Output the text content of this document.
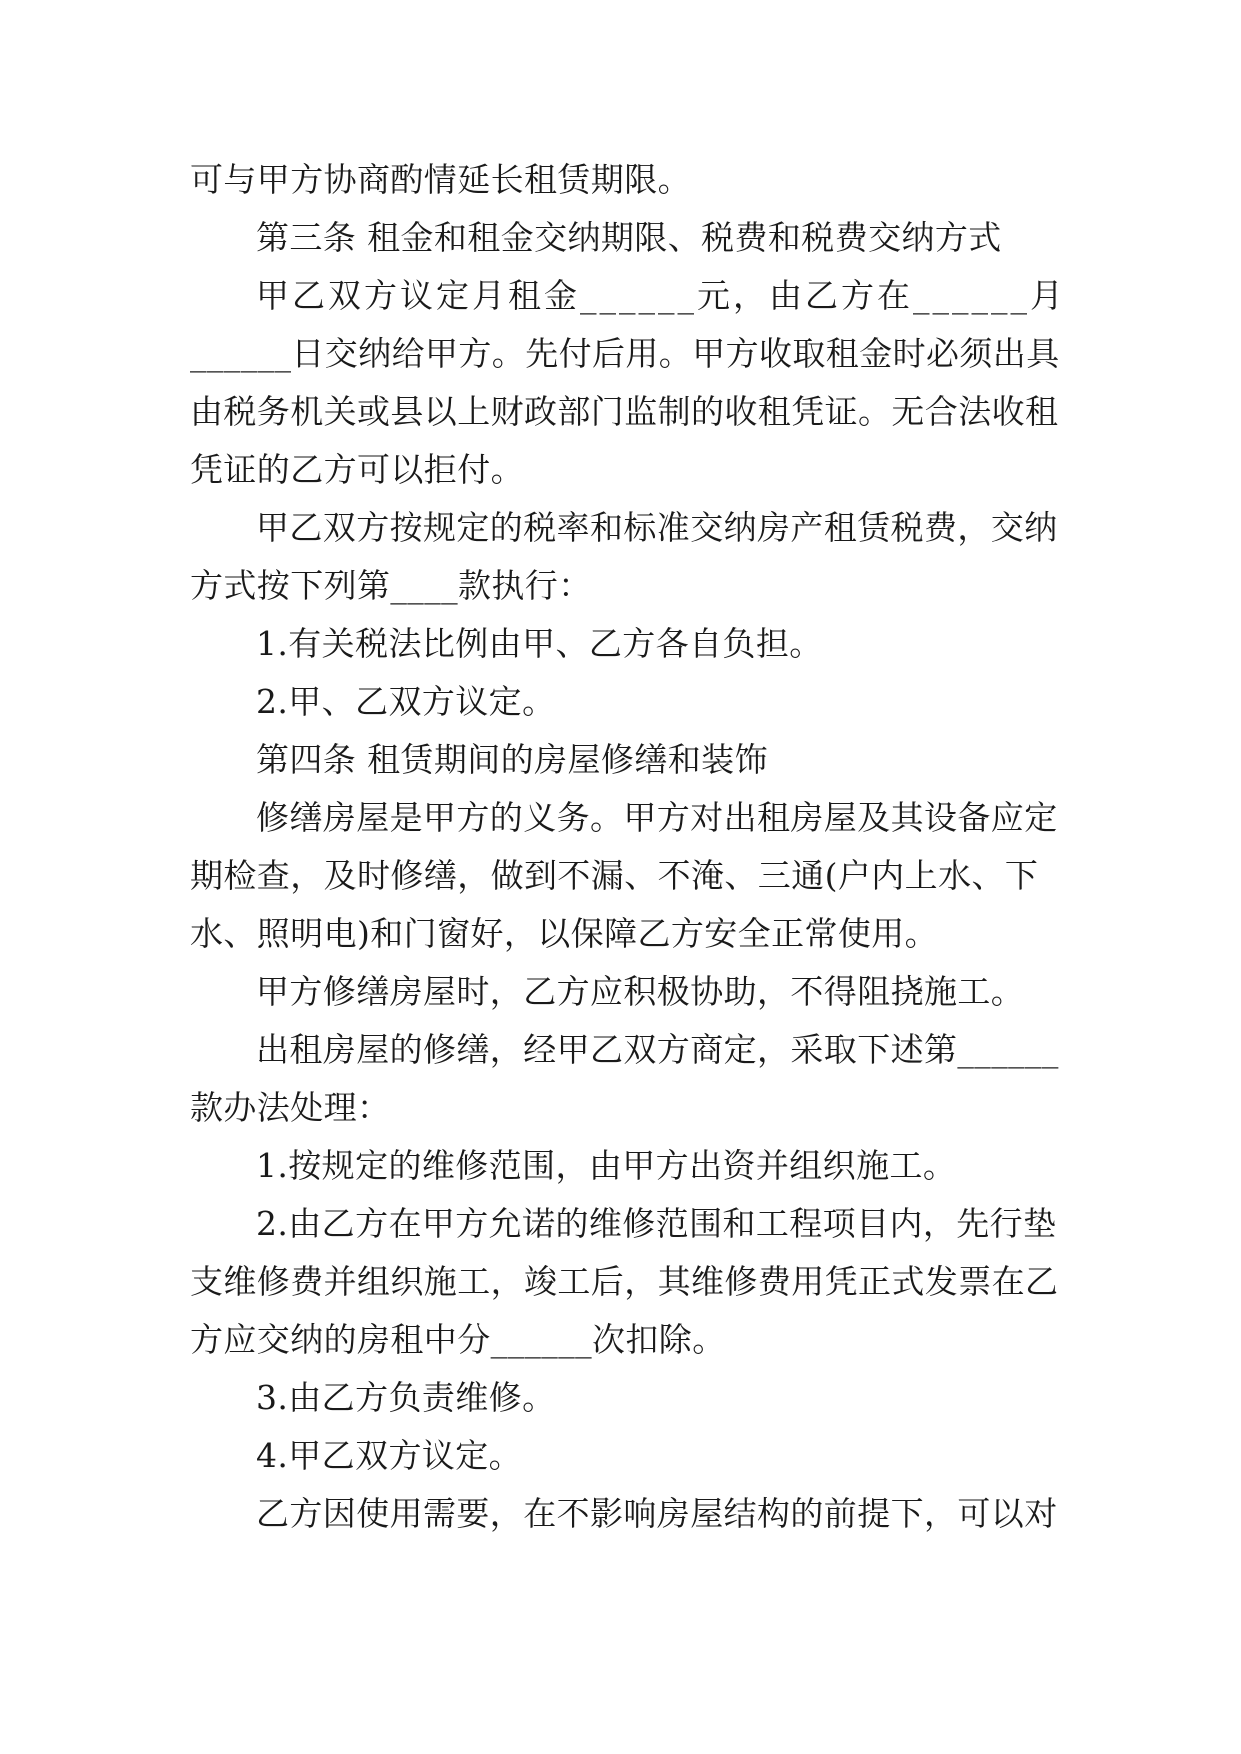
可与甲方协商酌情延长租赁期限。
第三条 租金和租金交纳期限、税费和税费交纳方式
甲乙双方议定月租金______元，由乙方在______月
______日交纳给甲方。先付后用。甲方收取租金时必须出具
由税务机关或县以上财政部门监制的收租凭证。无合法收租
凭证的乙方可以拒付。
甲乙双方按规定的税率和标准交纳房产租赁税费，交纳
方式按下列第____款执行：
1.有关税法比例由甲、乙方各自负担。
2.甲、乙双方议定。
第四条 租赁期间的房屋修缮和装饰
修缮房屋是甲方的义务。甲方对出租房屋及其设备应定
期检查，及时修缮，做到不漏、不淹、三通(户内上水、下
水、照明电)和门窗好，以保障乙方安全正常使用。
甲方修缮房屋时，乙方应积极协助，不得阻挠施工。
出租房屋的修缮，经甲乙双方商定，采取下述第______
款办法处理：
1.按规定的维修范围，由甲方出资并组织施工。
2.由乙方在甲方允诺的维修范围和工程项目内，先行垫
支维修费并组织施工，竣工后，其维修费用凭正式发票在乙
方应交纳的房租中分______次扣除。
3.由乙方负责维修。
4.甲乙双方议定。
乙方因使用需要，在不影响房屋结构的前提下，可以对
